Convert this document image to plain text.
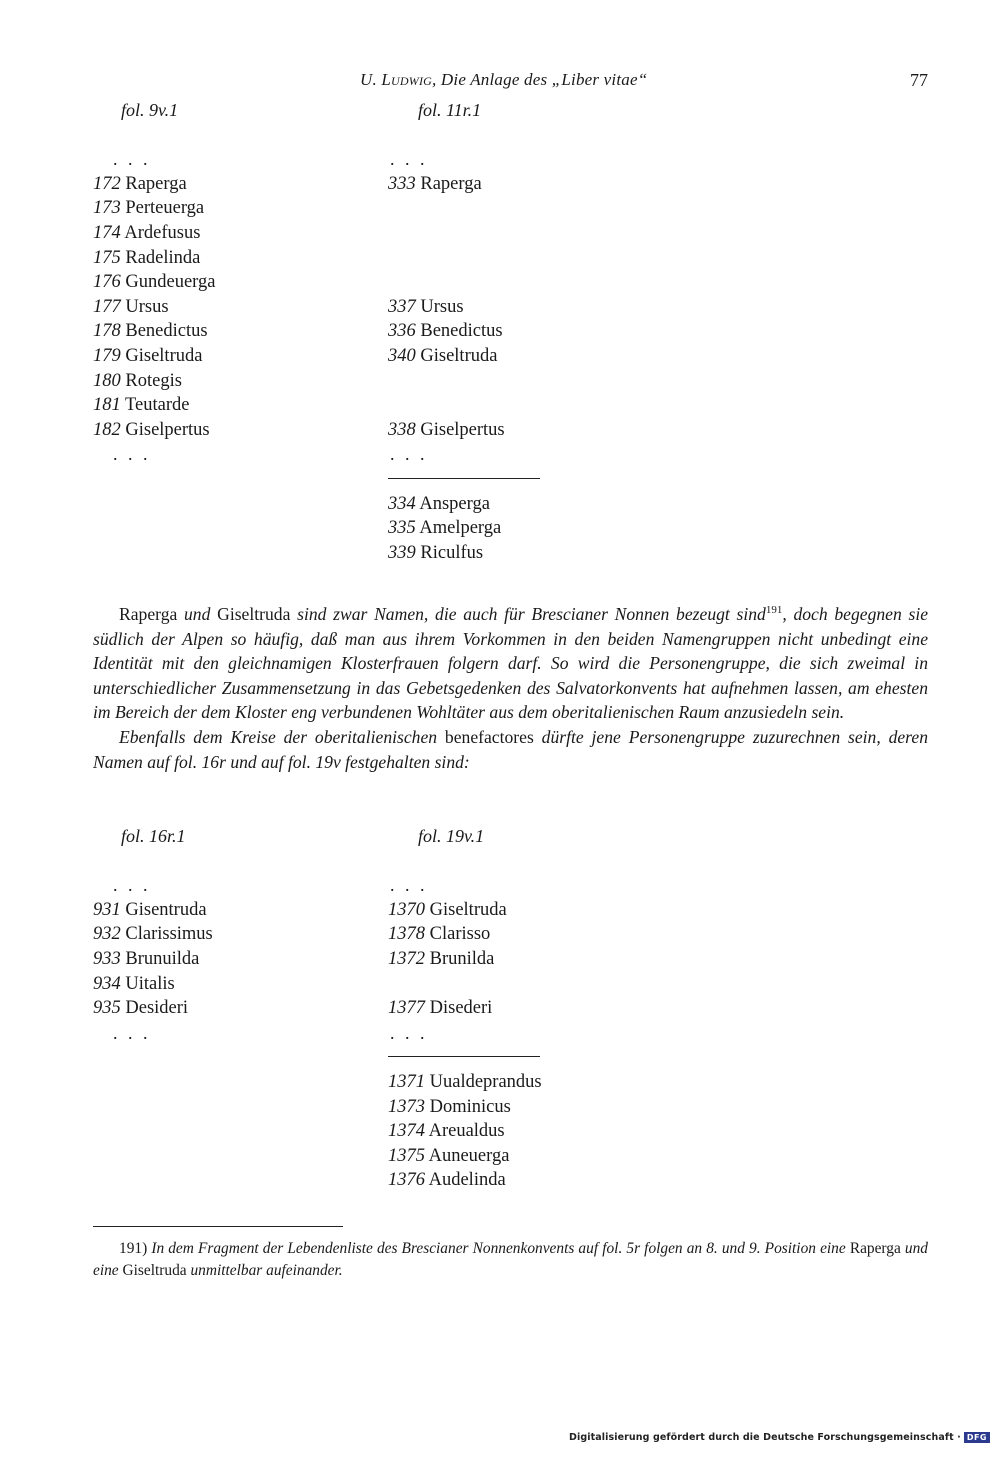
U. Ludwig, Die Anlage des „Liber vitae“	77
fol. 9v.1
. . .
172 Raperga
173 Perteuerga
174 Ardefusus
175 Radelinda
176 Gundeuerga
177 Ursus
178 Benedictus
179 Giseltruda
180 Rotegis
181 Teutarde
182 Giselpertus
. . .
fol. 11r.1
. . .
333 Raperga
337 Ursus
336 Benedictus
340 Giseltruda
338 Giselpertus
. . .
334 Ansperga
335 Amelperga
339 Riculfus

Raperga und Giseltruda sind zwar Namen, die auch für Brescianer Nonnen bezeugt sind$^{191}$, doch begegnen sie südlich der Alpen so häufig, daß man aus ihrem Vorkommen in den beiden Namengruppen nicht unbedingt eine Identität mit den gleichnamigen Klosterfrauen folgern darf. So wird die Personengruppe, die sich zweimal in unterschiedlicher Zusammensetzung in das Gebetsgedenken des Salvatorkonvents hat aufnehmen lassen, am ehesten im Bereich der dem Kloster eng verbundenen Wohltäter aus dem oberitalienischen Raum anzusiedeln sein.

Ebenfalls dem Kreise der oberitalienischen benefactores dürfte jene Personengruppe zuzurechnen sein, deren Namen auf fol. 16r und auf fol. 19v festgehalten sind:

fol. 16r.1
. . .
931 Gisentruda
932 Clarissimus
933 Brunuilda
934 Uitalis
935 Desideri
. . .
fol. 19v.1
. . .
1370 Giseltruda
1378 Clarisso
1372 Brunilda
1377 Disederi
. . .
1371 Uualdeprandus
1373 Dominicus
1374 Areualdus
1375 Auneuerga
1376 Audelinda

191) In dem Fragment der Lebendenliste des Brescianer Nonnenkonvents auf fol. 5r folgen an 8. und 9. Position eine Raperga und eine Giseltruda unmittelbar aufeinander.

Digitalisierung gefördert durch die Deutsche Forschungsgemeinschaft · DFG
